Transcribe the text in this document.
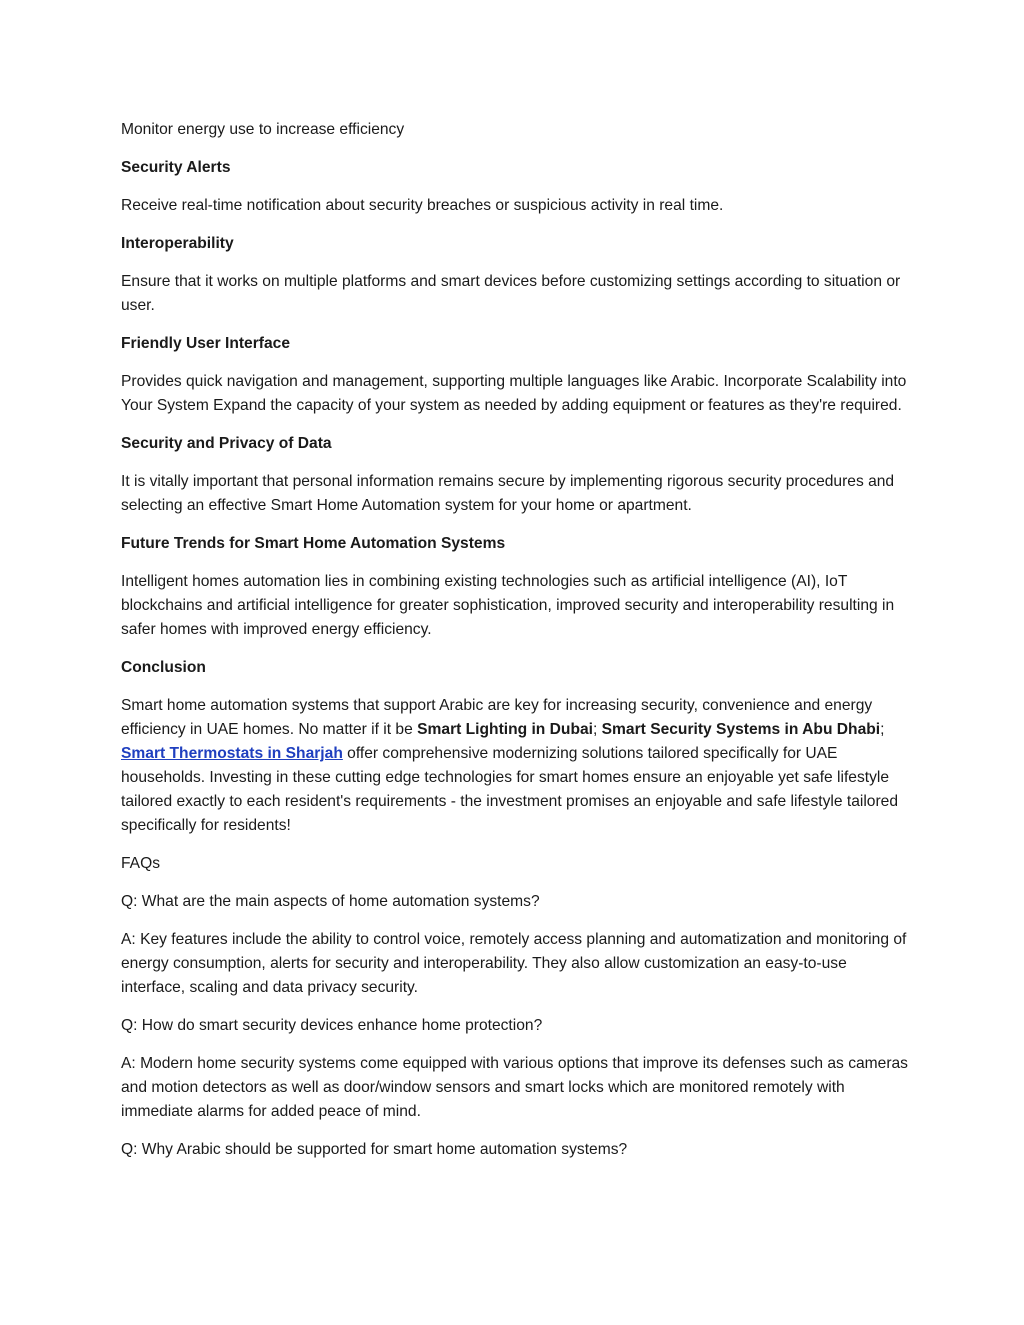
Monitor energy use to increase efficiency

Security Alerts

Receive real-time notification about security breaches or suspicious activity in real time.

Interoperability

Ensure that it works on multiple platforms and smart devices before customizing settings according to situation or user.

Friendly User Interface

Provides quick navigation and management, supporting multiple languages like Arabic. Incorporate Scalability into Your System Expand the capacity of your system as needed by adding equipment or features as they're required.

Security and Privacy of Data

It is vitally important that personal information remains secure by implementing rigorous security procedures and selecting an effective Smart Home Automation system for your home or apartment.

Future Trends for Smart Home Automation Systems

Intelligent homes automation lies in combining existing technologies such as artificial intelligence (AI), IoT blockchains and artificial intelligence for greater sophistication, improved security and interoperability resulting in safer homes with improved energy efficiency.

Conclusion

Smart home automation systems that support Arabic are key for increasing security, convenience and energy efficiency in UAE homes. No matter if it be Smart Lighting in Dubai; Smart Security Systems in Abu Dhabi; Smart Thermostats in Sharjah offer comprehensive modernizing solutions tailored specifically for UAE households. Investing in these cutting edge technologies for smart homes ensure an enjoyable yet safe lifestyle tailored exactly to each resident's requirements - the investment promises an enjoyable and safe lifestyle tailored specifically for residents!

FAQs

Q: What are the main aspects of home automation systems?

A: Key features include the ability to control voice, remotely access planning and automatization and monitoring of energy consumption, alerts for security and interoperability. They also allow customization an easy-to-use interface, scaling and data privacy security.

Q: How do smart security devices enhance home protection?

A: Modern home security systems come equipped with various options that improve its defenses such as cameras and motion detectors as well as door/window sensors and smart locks which are monitored remotely with immediate alarms for added peace of mind.

Q: Why Arabic should be supported for smart home automation systems?
